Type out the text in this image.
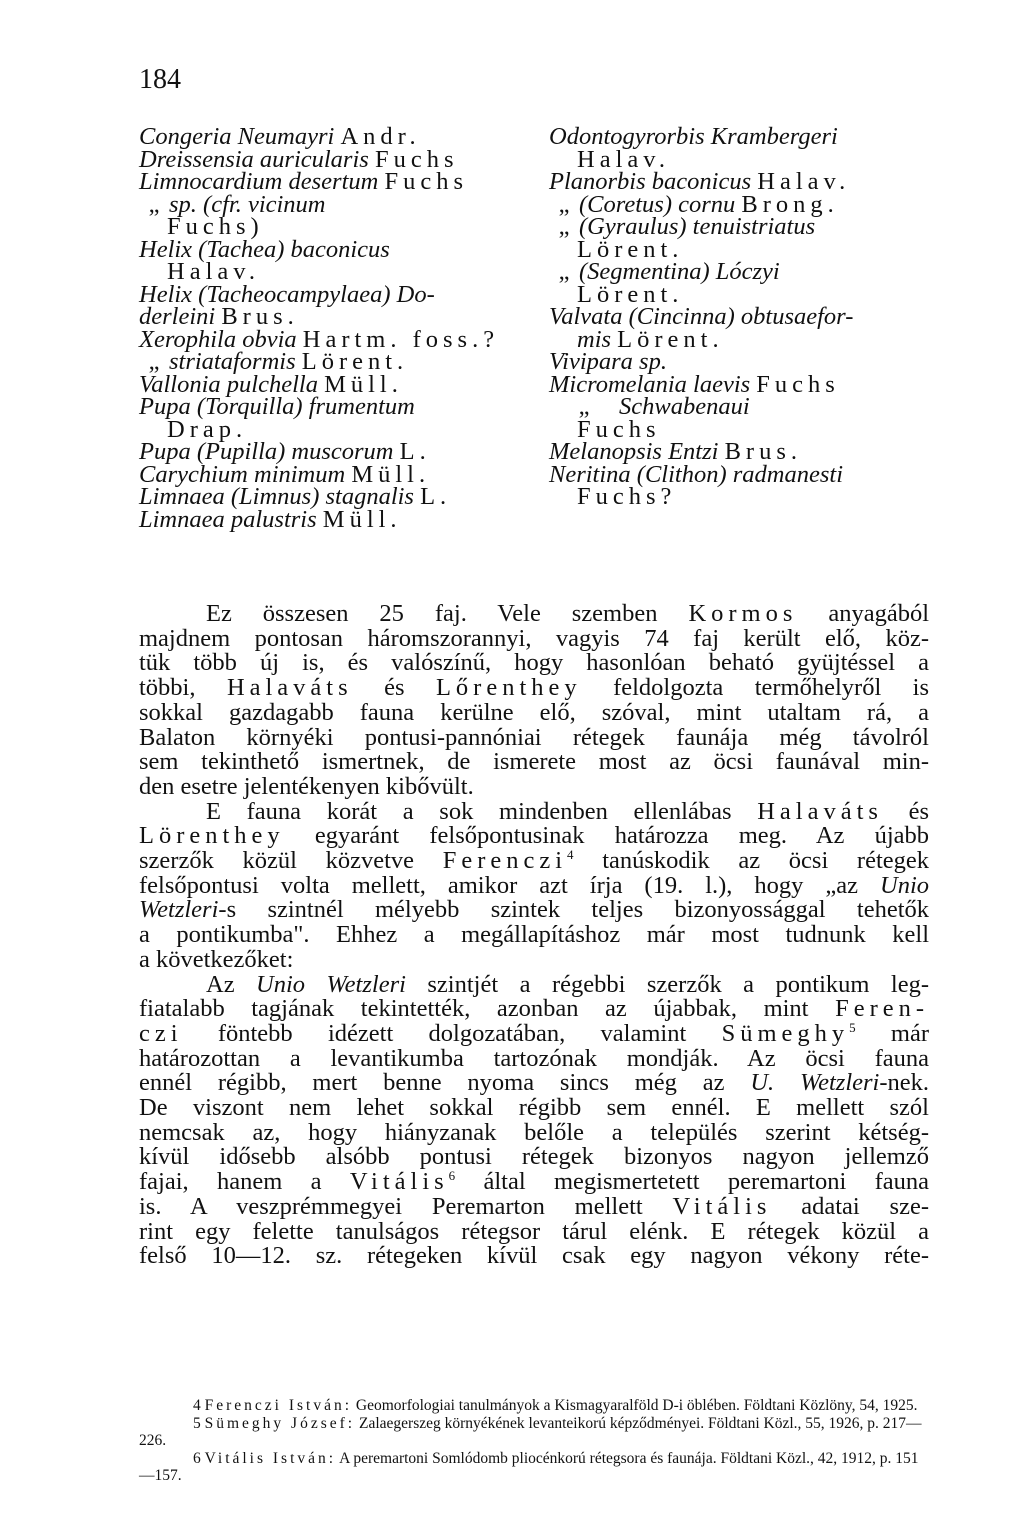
184
Congeria Neumayri Andr.
Dreissensia auricularis Fuchs
Limnocardium desertum Fuchs
„ sp. (cfr. vicinum
Fuchs)
Helix (Tachea) baconicus
Halav.
Helix (Tacheocampylaea) Do-
derleini Brus.
Xerophila obvia Hartm. foss.?
„ striataformis Lörent.
Vallonia pulchella Müll.
Pupa (Torquilla) frumentum
Drap.
Pupa (Pupilla) muscorum L.
Carychium minimum Müll.
Limnaea (Limnus) stagnalis L.
Limnaea palustris Müll.
Odontogyrorbis Krambergeri
Halav.
Planorbis baconicus Halav.
„ (Coretus) cornu Brong.
„ (Gyraulus) tenuistriatus
Lörent.
„ (Segmentina) Lóczyi
Lörent.
Valvata (Cincinna) obtusaefor-
mis Lörent.
Vivipara sp.
Micromelania laevis Fuchs
„ Schwabenaui
Fuchs
Melanopsis Entzi Brus.
Neritina (Clithon) radmanesti
Fuchs?
Ez összesen 25 faj. Vele szemben Kormos anyagából
majdnem pontosan háromszorannyi, vagyis 74 faj került elő, köz-
tük több új is, és valószínű, hogy hasonlóan beható gyüjtéssel a
többi, Halaváts és Lőrenthey feldolgozta termőhelyről is
sokkal gazdagabb fauna kerülne elő, szóval, mint utaltam rá, a
Balaton környéki pontusi-pannóniai rétegek faunája még távolról
sem tekinthető ismertnek, de ismerete most az öcsi faunával min-
den esetre jelentékenyen kibővült.
E fauna korát a sok mindenben ellenlábas Halaváts és
Lörenthey egyaránt felsőpontusinak határozza meg. Az újabb
szerzők közül közvetve Ferenczi$^4$ tanúskodik az öcsi rétegek
felsőpontusi volta mellett, amikor azt írja (19. l.), hogy „az Unio
Wetzleri-s szintnél mélyebb szintek teljes bizonyossággal tehetők
a pontikumba". Ehhez a megállapításhoz már most tudnunk kell
a következőket:
Az Unio Wetzleri szintjét a régebbi szerzők a pontikum leg-
fiatalabb tagjának tekintették, azonban az újabbak, mint Feren-
czi föntebb idézett dolgozatában, valamint Sümeghy$^5$ már
határozottan a levantikumba tartozónak mondják. Az öcsi fauna
ennél régibb, mert benne nyoma sincs még az U. Wetzleri-nek.
De viszont nem lehet sokkal régibb sem ennél. E mellett szól
nemcsak az, hogy hiányzanak belőle a település szerint kétség-
kívül idősebb alsóbb pontusi rétegek bizonyos nagyon jellemző
fajai, hanem a Vitális$^6$ által megismertetett peremartoni fauna
is. A veszprémmegyei Peremarton mellett Vitális adatai sze-
rint egy felette tanulságos rétegsor tárul elénk. E rétegek közül a
felső 10—12. sz. rétegeken kívül csak egy nagyon vékony réte-

4 Ferenczi István: Geomorfologiai tanulmányok a Kismagyaralföld D-i öblében. Földtani Közlöny, 54, 1925.

5 Sümeghy József: Zalaegerszeg környékének levanteikorú képződményei. Földtani Közl., 55, 1926, p. 217—226.

6 Vitális István: A peremartoni Somlódomb pliocénkorú rétegsora és faunája. Földtani Közl., 42, 1912, p. 151—157.
